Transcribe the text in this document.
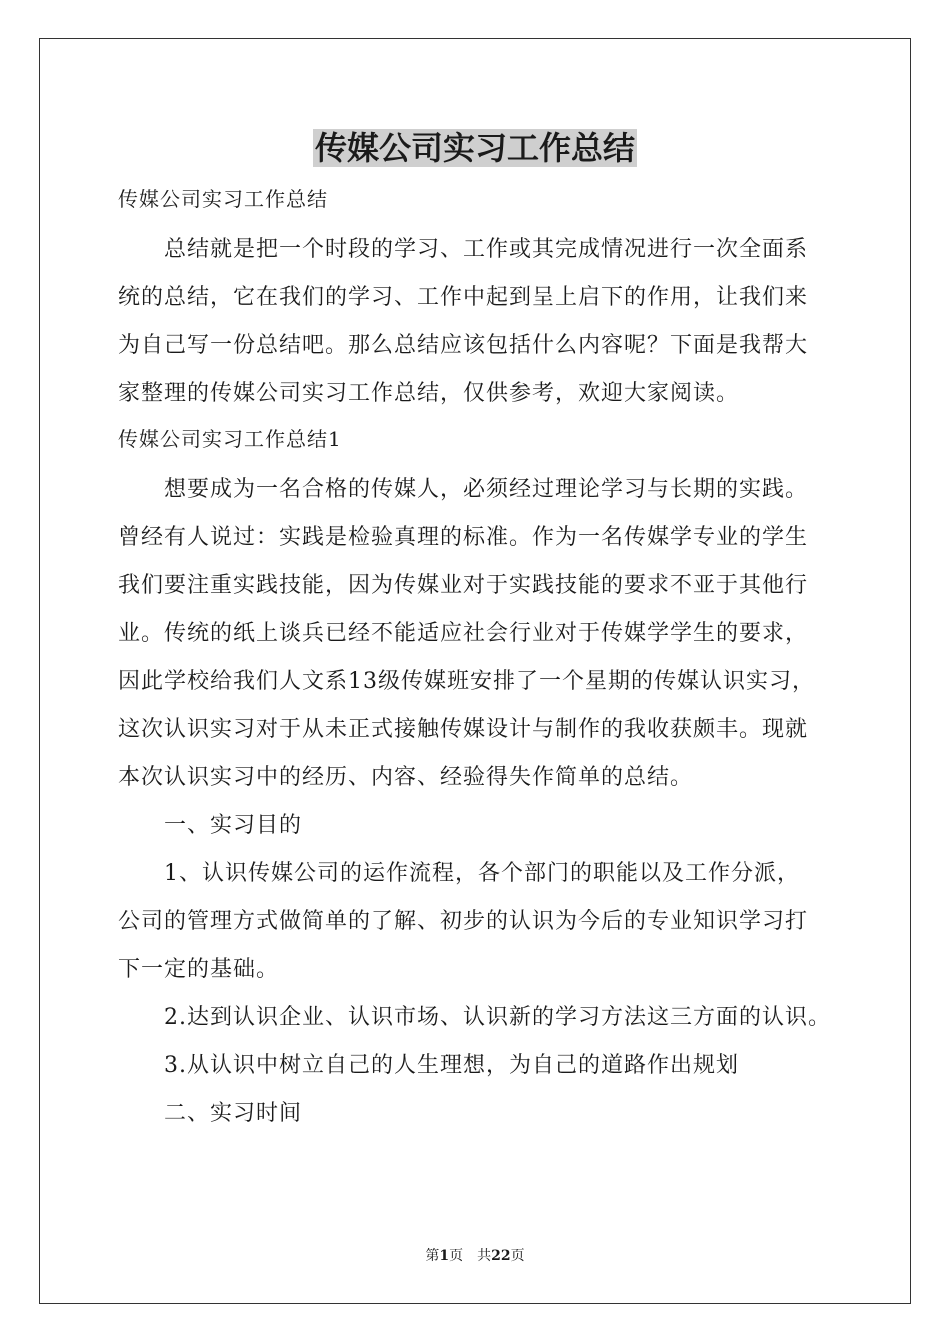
传媒公司实习工作总结
传媒公司实习工作总结
总结就是把一个时段的学习、工作或其完成情况进行一次全面系
统的总结，它在我们的学习、工作中起到呈上启下的作用，让我们来
为自己写一份总结吧。那么总结应该包括什么内容呢？下面是我帮大
家整理的传媒公司实习工作总结，仅供参考，欢迎大家阅读。
传媒公司实习工作总结1
想要成为一名合格的传媒人，必须经过理论学习与长期的实践。
曾经有人说过：实践是检验真理的标准。作为一名传媒学专业的学生
我们要注重实践技能，因为传媒业对于实践技能的要求不亚于其他行
业。传统的纸上谈兵已经不能适应社会行业对于传媒学学生的要求，
因此学校给我们人文系13级传媒班安排了一个星期的传媒认识实习，
这次认识实习对于从未正式接触传媒设计与制作的我收获颇丰。现就
本次认识实习中的经历、内容、经验得失作简单的总结。
一、实习目的
1、认识传媒公司的运作流程，各个部门的职能以及工作分派，
公司的管理方式做简单的了解、初步的认识为今后的专业知识学习打
下一定的基础。
2.达到认识企业、认识市场、认识新的学习方法这三方面的认识。
3.从认识中树立自己的人生理想，为自己的道路作出规划
二、实习时间
第1页　共22页
